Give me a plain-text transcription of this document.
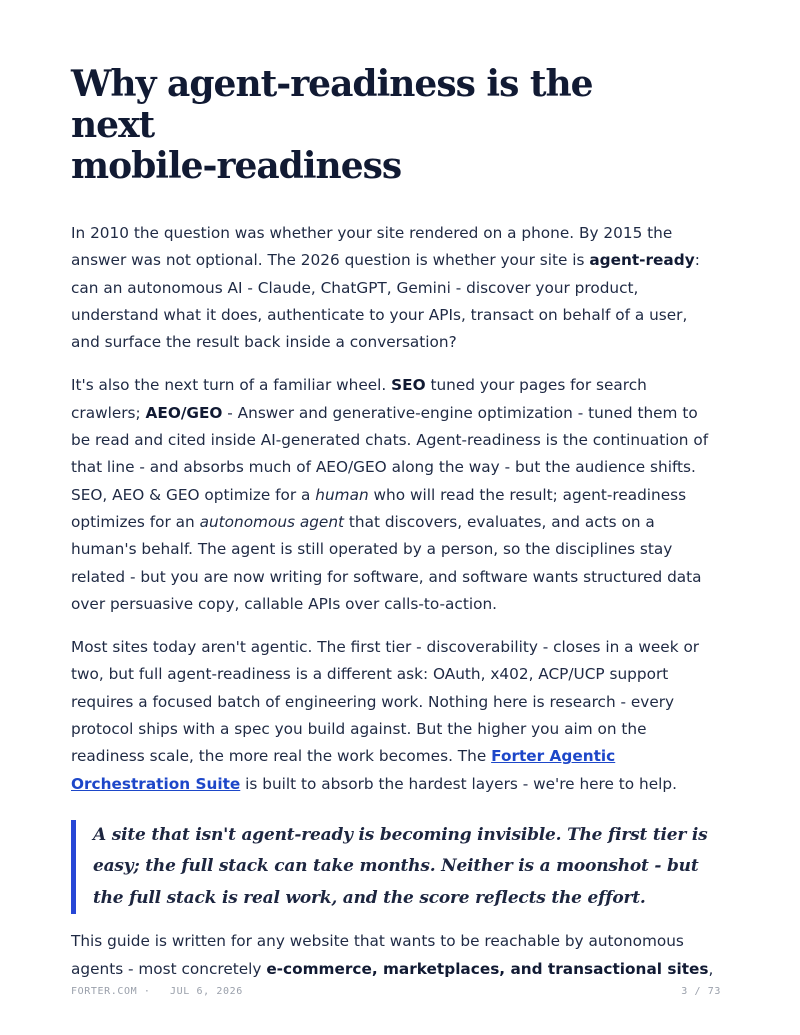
Why agent-readiness is the next
mobile-readiness

In 2010 the question was whether your site rendered on a phone. By 2015 the
answer was not optional. The 2026 question is whether your site is agent-ready:
can an autonomous AI - Claude, ChatGPT, Gemini - discover your product,
understand what it does, authenticate to your APIs, transact on behalf of a user,
and surface the result back inside a conversation?

It's also the next turn of a familiar wheel. SEO tuned your pages for search
crawlers; AEO/GEO - Answer and generative-engine optimization - tuned them to
be read and cited inside AI-generated chats. Agent-readiness is the continuation of
that line - and absorbs much of AEO/GEO along the way - but the audience shifts.
SEO, AEO & GEO optimize for a human who will read the result; agent-readiness
optimizes for an autonomous agent that discovers, evaluates, and acts on a
human's behalf. The agent is still operated by a person, so the disciplines stay
related - but you are now writing for software, and software wants structured data
over persuasive copy, callable APIs over calls-to-action.

Most sites today aren't agentic. The first tier - discoverability - closes in a week or
two, but full agent-readiness is a different ask: OAuth, x402, ACP/UCP support
requires a focused batch of engineering work. Nothing here is research - every
protocol ships with a spec you build against. But the higher you aim on the
readiness scale, the more real the work becomes. The Forter Agentic
Orchestration Suite is built to absorb the hardest layers - we're here to help.

A site that isn't agent-ready is becoming invisible. The first tier is
easy; the full stack can take months. Neither is a moonshot - but
the full stack is real work, and the score reflects the effort.

This guide is written for any website that wants to be reachable by autonomous
agents - most concretely e-commerce, marketplaces, and transactional sites,

FORTER.COM · JUL 6, 2026	3 / 73
